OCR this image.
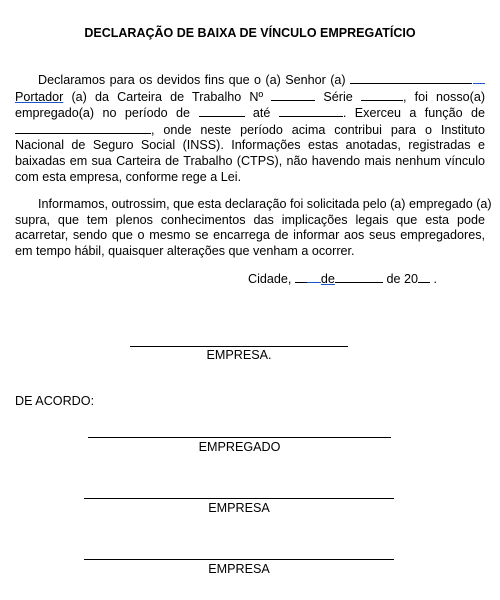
DECLARAÇÃO DE BAIXA DE VÍNCULO EMPREGATÍCIO
Declaramos para os devidos fins que o (a) Senhor (a)
Portador (a) da Carteira de Trabalho Nº	Série	, foi nosso(a)
empregado(a) no período de	até	. Exerceu a função de
, onde neste período acima contribui para o Instituto
Nacional de Seguro Social (INSS). Informações estas anotadas, registradas e
baixadas em sua Carteira de Trabalho (CTPS), não havendo mais nenhum vínculo
com esta empresa, conforme rege a Lei.
Informamos, outrossim, que esta declaração foi solicitada pelo (a) empregado (a)
supra, que tem plenos conhecimentos das implicações legais que esta pode
acarretar, sendo que o mesmo se encarrega de informar aos seus empregadores,
em tempo hábil, quaisquer alterações que venham a ocorrer.
Cidade, de	de 20 .
EMPRESA.
DE ACORDO:
EMPREGADO
EMPRESA
EMPRESA
